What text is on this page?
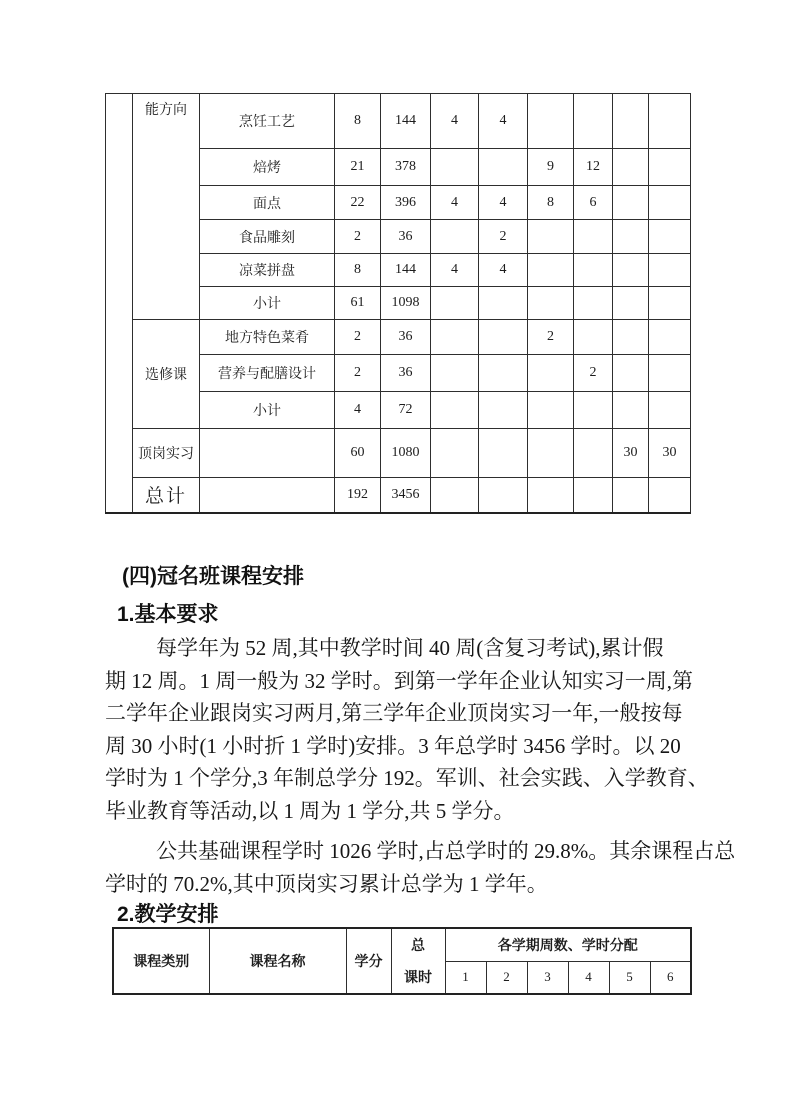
	能方向	烹饪工艺	8	144	4	4				
		焙烤	21	378			9	12		
		面点	22	396	4	4	8	6		
		食品雕刻	2	36		2				
		凉菜拼盘	8	144	4	4				
		小计	61	1098						
	选修课	地方特色菜肴	2	36			2			
		营养与配膳设计	2	36				2		
		小计	4	72						
	顶岗实习		60	1080					30	30
	总计		192	3456						
(四)冠名班课程安排
1.基本要求
每学年为 52 周,其中教学时间 40 周(含复习考试),累计假
期 12 周。1 周一般为 32 学时。到第一学年企业认知实习一周,第
二学年企业跟岗实习两月,第三学年企业顶岗实习一年,一般按每
周 30 小时(1 小时折 1 学时)安排。3 年总学时 3456 学时。以 20
学时为 1 个学分,3 年制总学分 192。军训、社会实践、入学教育、
毕业教育等活动,以 1 周为 1 学分,共 5 学分。
公共基础课程学时 1026 学时,占总学时的 29.8%。其余课程占总
学时的 70.2%,其中顶岗实习累计总学为 1 学年。
2.教学安排
课程类别	课程名称	学分	总
课时	各学期周数、学时分配					
				1	2	3	4	5	6
